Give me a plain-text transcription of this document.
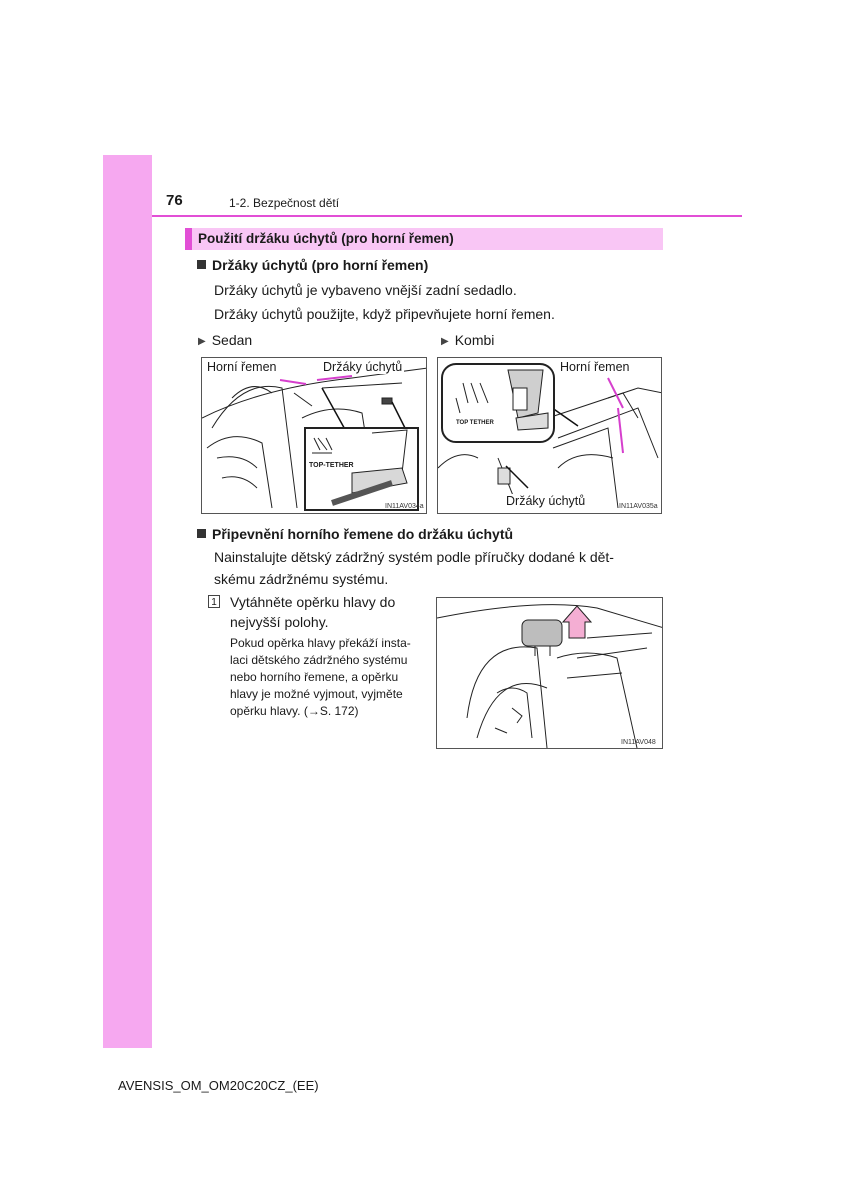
76	1-2. Bezpečnost dětí
Použití držáku úchytů (pro horní řemen)
Držáky úchytů (pro horní řemen)
Držáky úchytů je vybaveno vnější zadní sedadlo.
Držáky úchytů použijte, když připevňujete horní řemen.
▶ Sedan	▶ Kombi
Horní řemen	Držáky úchytů
TOP-TETHER
IN11AV034a
Horní řemen
Držáky úchytů
TOP TETHER
IN11AV035a
Připevnění horního řemene do držáku úchytů
Nainstalujte dětský zádržný systém podle příručky dodané k dět-
skému zádržnému systému.
1 Vytáhněte opěrku hlavy do
nejvyšší polohy.
Pokud opěrka hlavy překáží insta-
laci dětského zádržného systému
nebo horního řemene, a opěrku
hlavy je možné vyjmout, vyjměte
opěrku hlavy. (→S. 172)
IN11AV048
AVENSIS_OM_OM20C20CZ_(EE)
